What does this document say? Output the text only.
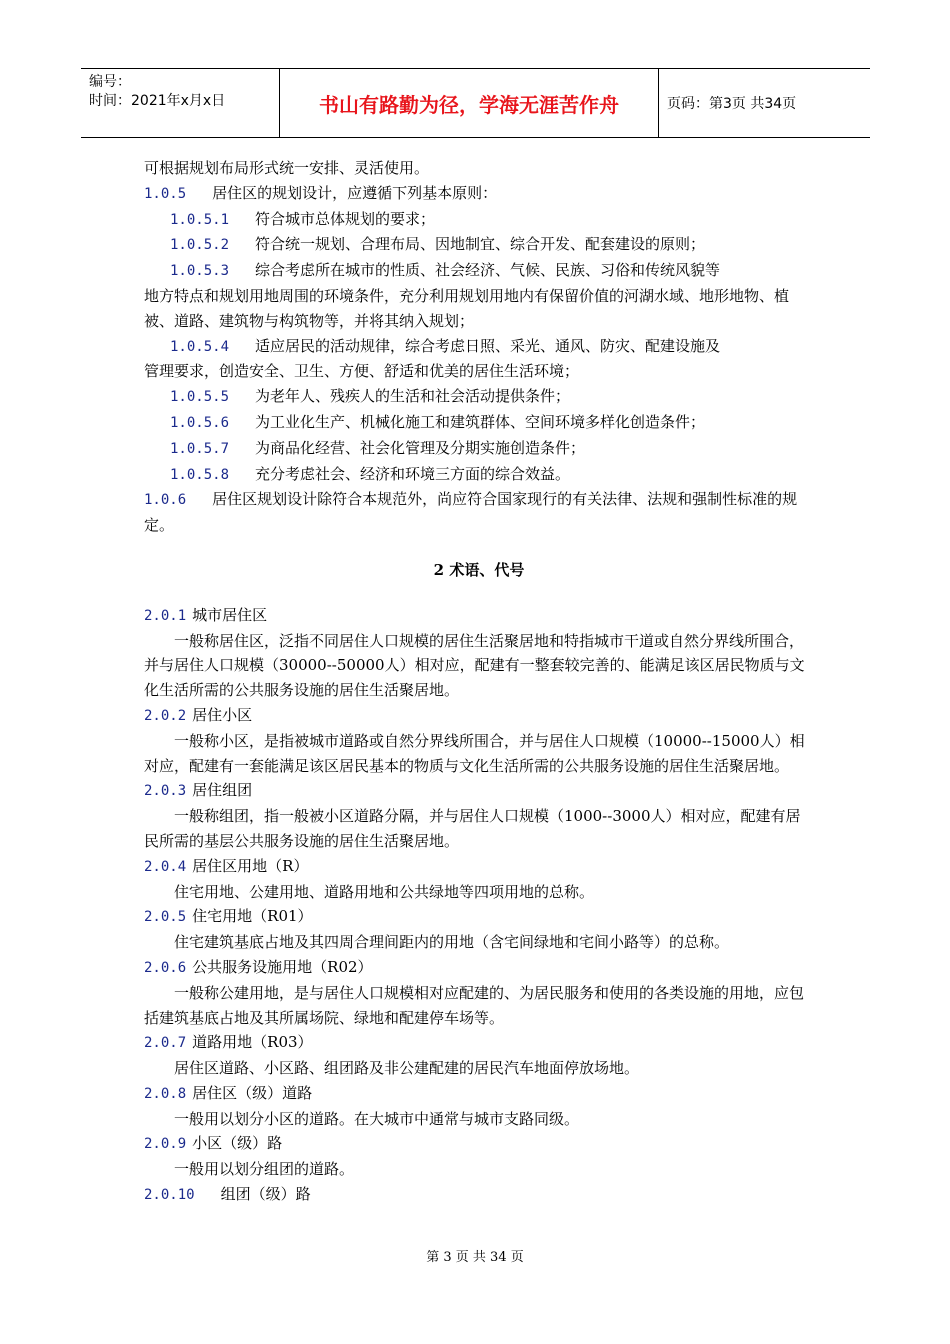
编号：
时间：2021年x月x日	书山有路勤为径，学海无涯苦作舟	页码：第3页 共34页

可根据规划布局形式统一安排、灵活使用。

1.0.5 居住区的规划设计，应遵循下列基本原则：

1.0.5.1 符合城市总体规划的要求；

1.0.5.2 符合统一规划、合理布局、因地制宜、综合开发、配套建设的原则；

1.0.5.3 综合考虑所在城市的性质、社会经济、气候、民族、习俗和传统风貌等

地方特点和规划用地周围的环境条件，充分利用规划用地内有保留价值的河湖水域、地形地物、植被、道路、建筑物与构筑物等，并将其纳入规划；

1.0.5.4 适应居民的活动规律，综合考虑日照、采光、通风、防灾、配建设施及

管理要求，创造安全、卫生、方便、舒适和优美的居住生活环境；

1.0.5.5 为老年人、残疾人的生活和社会活动提供条件；

1.0.5.6 为工业化生产、机械化施工和建筑群体、空间环境多样化创造条件；

1.0.5.7 为商品化经营、社会化管理及分期实施创造条件；

1.0.5.8 充分考虑社会、经济和环境三方面的综合效益。

1.0.6 居住区规划设计除符合本规范外，尚应符合国家现行的有关法律、法规和强制性标准的规定。

2 术语、代号

2.0.1 城市居住区

一般称居住区，泛指不同居住人口规模的居住生活聚居地和特指城市干道或自然分界线所围合，并与居住人口规模（30000--50000人）相对应，配建有一整套较完善的、能满足该区居民物质与文化生活所需的公共服务设施的居住生活聚居地。

2.0.2 居住小区

一般称小区，是指被城市道路或自然分界线所围合，并与居住人口规模（10000--15000人）相对应，配建有一套能满足该区居民基本的物质与文化生活所需的公共服务设施的居住生活聚居地。

2.0.3 居住组团

一般称组团，指一般被小区道路分隔，并与居住人口规模（1000--3000人）相对应，配建有居民所需的基层公共服务设施的居住生活聚居地。

2.0.4 居住区用地（R）

住宅用地、公建用地、道路用地和公共绿地等四项用地的总称。

2.0.5 住宅用地（R01）

住宅建筑基底占地及其四周合理间距内的用地（含宅间绿地和宅间小路等）的总称。

2.0.6 公共服务设施用地（R02）

一般称公建用地，是与居住人口规模相对应配建的、为居民服务和使用的各类设施的用地，应包括建筑基底占地及其所属场院、绿地和配建停车场等。

2.0.7 道路用地（R03）

居住区道路、小区路、组团路及非公建配建的居民汽车地面停放场地。

2.0.8 居住区（级）道路

一般用以划分小区的道路。在大城市中通常与城市支路同级。

2.0.9 小区（级）路

一般用以划分组团的道路。

2.0.10 组团（级）路

第 3 页 共 34 页
